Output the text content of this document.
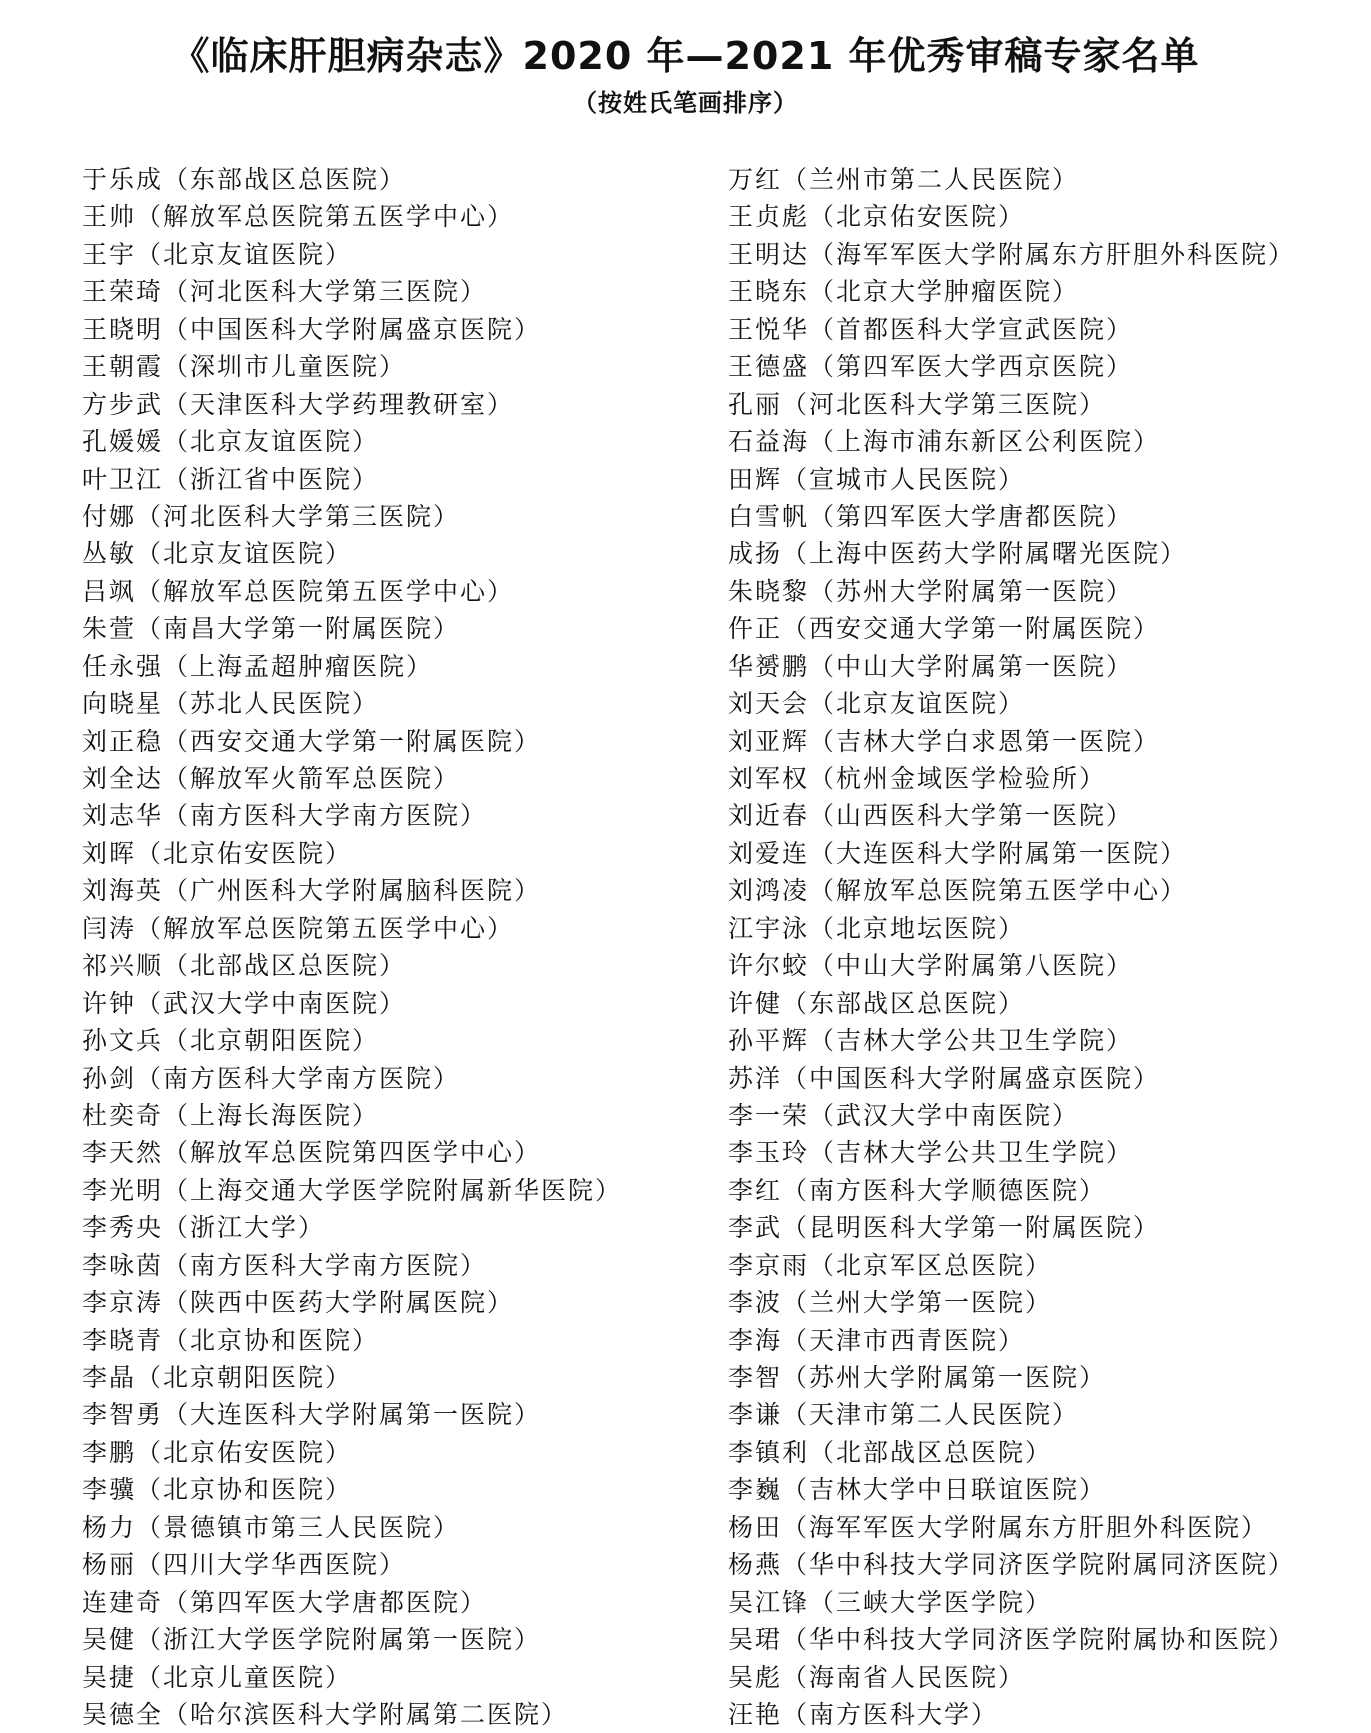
《临床肝胆病杂志》2020 年—2021 年优秀审稿专家名单
（按姓氏笔画排序）
于乐成（东部战区总医院）
王帅（解放军总医院第五医学中心）
王宇（北京友谊医院）
王荣琦（河北医科大学第三医院）
王晓明（中国医科大学附属盛京医院）
王朝霞（深圳市儿童医院）
方步武（天津医科大学药理教研室）
孔媛媛（北京友谊医院）
叶卫江（浙江省中医院）
付娜（河北医科大学第三医院）
丛敏（北京友谊医院）
吕飒（解放军总医院第五医学中心）
朱萱（南昌大学第一附属医院）
任永强（上海孟超肿瘤医院）
向晓星（苏北人民医院）
刘正稳（西安交通大学第一附属医院）
刘全达（解放军火箭军总医院）
刘志华（南方医科大学南方医院）
刘晖（北京佑安医院）
刘海英（广州医科大学附属脑科医院）
闫涛（解放军总医院第五医学中心）
祁兴顺（北部战区总医院）
许钟（武汉大学中南医院）
孙文兵（北京朝阳医院）
孙剑（南方医科大学南方医院）
杜奕奇（上海长海医院）
李天然（解放军总医院第四医学中心）
李光明（上海交通大学医学院附属新华医院）
李秀央（浙江大学）
李咏茵（南方医科大学南方医院）
李京涛（陕西中医药大学附属医院）
李晓青（北京协和医院）
李晶（北京朝阳医院）
李智勇（大连医科大学附属第一医院）
李鹏（北京佑安医院）
李骥（北京协和医院）
杨力（景德镇市第三人民医院）
杨丽（四川大学华西医院）
连建奇（第四军医大学唐都医院）
吴健（浙江大学医学院附属第一医院）
吴捷（北京儿童医院）
吴德全（哈尔滨医科大学附属第二医院）
万红（兰州市第二人民医院）
王贞彪（北京佑安医院）
王明达（海军军医大学附属东方肝胆外科医院）
王晓东（北京大学肿瘤医院）
王悦华（首都医科大学宣武医院）
王德盛（第四军医大学西京医院）
孔丽（河北医科大学第三医院）
石益海（上海市浦东新区公利医院）
田辉（宣城市人民医院）
白雪帆（第四军医大学唐都医院）
成扬（上海中医药大学附属曙光医院）
朱晓黎（苏州大学附属第一医院）
仵正（西安交通大学第一附属医院）
华赟鹏（中山大学附属第一医院）
刘天会（北京友谊医院）
刘亚辉（吉林大学白求恩第一医院）
刘军权（杭州金域医学检验所）
刘近春（山西医科大学第一医院）
刘爱连（大连医科大学附属第一医院）
刘鸿凌（解放军总医院第五医学中心）
江宇泳（北京地坛医院）
许尔蛟（中山大学附属第八医院）
许健（东部战区总医院）
孙平辉（吉林大学公共卫生学院）
苏洋（中国医科大学附属盛京医院）
李一荣（武汉大学中南医院）
李玉玲（吉林大学公共卫生学院）
李红（南方医科大学顺德医院）
李武（昆明医科大学第一附属医院）
李京雨（北京军区总医院）
李波（兰州大学第一医院）
李海（天津市西青医院）
李智（苏州大学附属第一医院）
李谦（天津市第二人民医院）
李镇利（北部战区总医院）
李巍（吉林大学中日联谊医院）
杨田（海军军医大学附属东方肝胆外科医院）
杨燕（华中科技大学同济医学院附属同济医院）
吴江锋（三峡大学医学院）
吴珺（华中科技大学同济医学院附属协和医院）
吴彪（海南省人民医院）
汪艳（南方医科大学）
